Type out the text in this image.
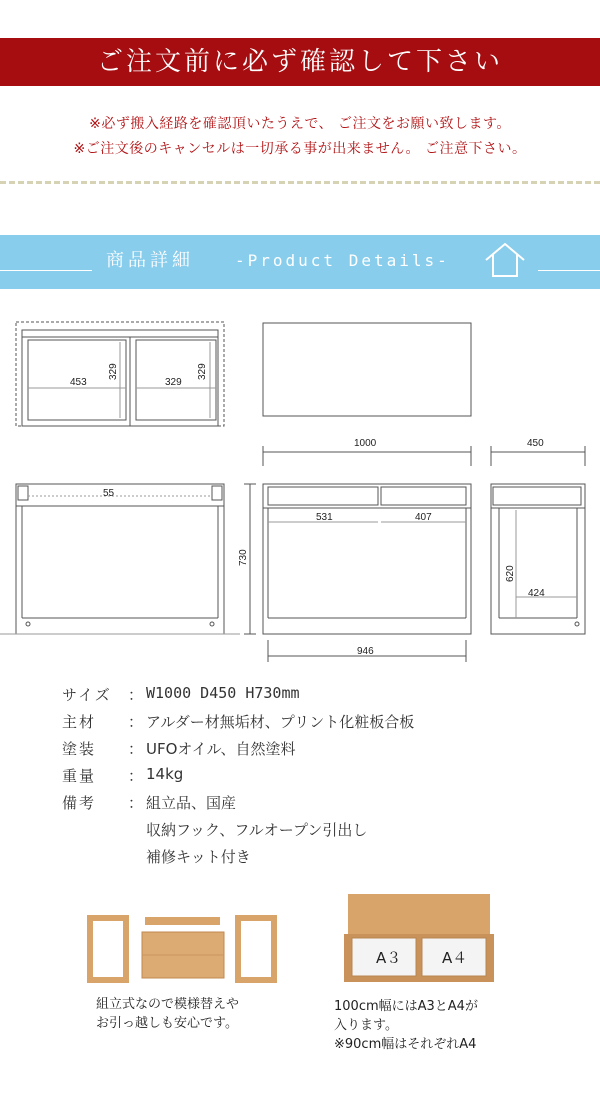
ご注文前に必ず確認して下さい
※必ず搬入経路を確認頂いたうえで、 ご注文をお願い致します。
※ご注文後のキャンセルは一切承る事が出来ません。 ご注意下さい。
商品詳細	-Product Details-
453
329
329
329
1000	450
55
730
531	407
620
424
946
サイズ ： W1000 D450 H730mm
主材 ： アルダー材無垢材、プリント化粧板合板
塗装 ： UFOオイル、自然塗料
重量 ： 14kg
備考 ： 組立品、国産
収納フック、フルオープン引出し
補修キット付き
組立式なので模様替えや
お引っ越しも安心です。
A３	A４
100cm幅にはA3とA4が
入ります。
※90cm幅はそれぞれA4
